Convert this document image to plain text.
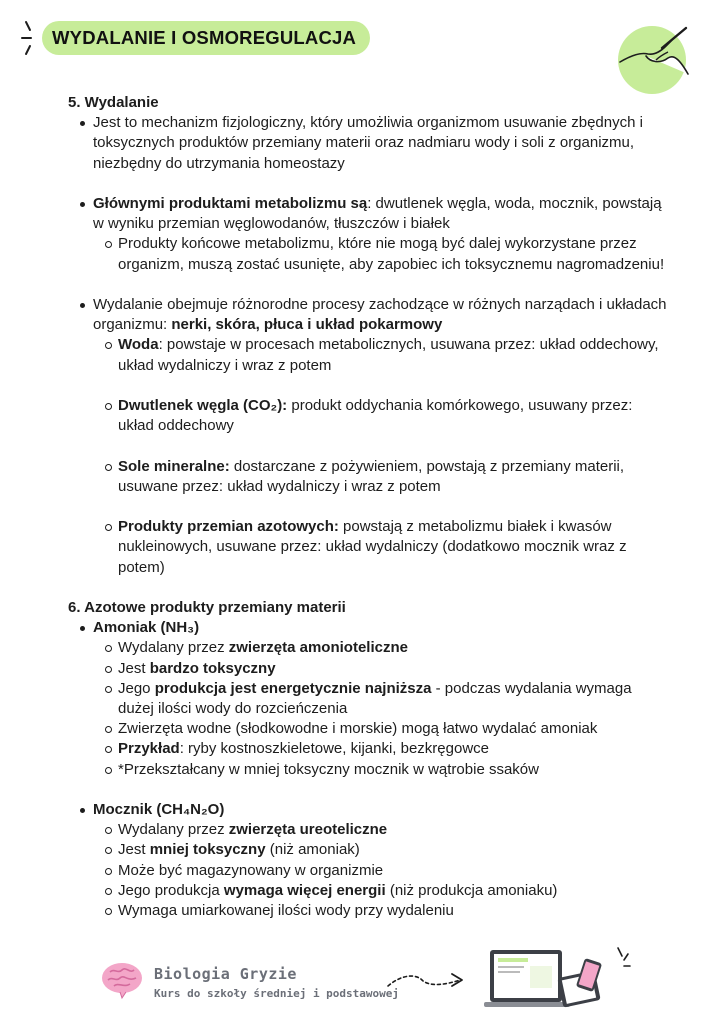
WYDALANIE I OSMOREGULACJA

5. Wydalanie

Jest to mechanizm fizjologiczny, który umożliwia organizmom usuwanie zbędnych i toksycznych produktów przemiany materii oraz nadmiaru wody i soli z organizmu, niezbędny do utrzymania homeostazy
Głównymi produktami metabolizmu są: dwutlenek węgla, woda, mocznik, powstają w wyniku przemian węglowodanów, tłuszczów i białek
Produkty końcowe metabolizmu, które nie mogą być dalej wykorzystane przez organizm, muszą zostać usunięte, aby zapobiec ich toksycznemu nagromadzeniu!
Wydalanie obejmuje różnorodne procesy zachodzące w różnych narządach i układach organizmu: nerki, skóra, płuca i układ pokarmowy
Woda: powstaje w procesach metabolicznych, usuwana przez: układ oddechowy, układ wydalniczy i wraz z potem
Dwutlenek węgla (CO₂): produkt oddychania komórkowego, usuwany przez: układ oddechowy
Sole mineralne: dostarczane z pożywieniem, powstają z przemiany materii, usuwane przez: układ wydalniczy i wraz z potem
Produkty przemian azotowych: powstają z metabolizmu białek i kwasów nukleinowych, usuwane przez: układ wydalniczy (dodatkowo mocznik wraz z potem)

6. Azotowe produkty przemiany materii

Amoniak (NH₃)
Wydalany przez zwierzęta amonioteliczne
Jest bardzo toksyczny
Jego produkcja jest energetycznie najniższa - podczas wydalania wymaga dużej ilości wody do rozcieńczenia
Zwierzęta wodne (słodkowodne i morskie) mogą łatwo wydalać amoniak
Przykład: ryby kostnoszkieletowe, kijanki, bezkręgowce
*Przekształcany w mniej toksyczny mocznik w wątrobie ssaków
Mocznik (CH₄N₂O)
Wydalany przez zwierzęta ureoteliczne
Jest mniej toksyczny (niż amoniak)
Może być magazynowany w organizmie
Jego produkcja wymaga więcej energii (niż produkcja amoniaku)
Wymaga umiarkowanej ilości wody przy wydaleniu
Biologia Gryzie
Kurs do szkoły średniej i podstawowej
